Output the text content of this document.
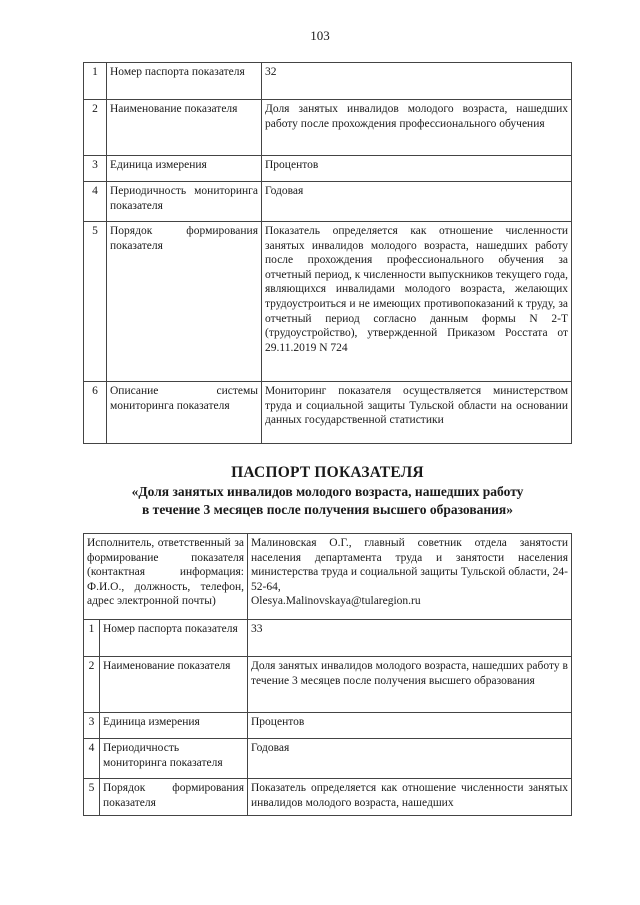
103
1	Номер паспорта показателя	32
2	Наименование показателя	Доля занятых инвалидов молодого возраста, нашедших работу после прохождения профессионального обучения
3	Единица измерения	Процентов
4	Периодичность мониторинга показателя	Годовая
5	Порядок формирования показателя	Показатель определяется как отношение численности занятых инвалидов молодого возраста, нашедших работу после прохождения профессионального обучения за отчетный период, к численности выпускников текущего года, являющихся инвалидами молодого возраста, желающих трудоустроиться и не имеющих противопоказаний к труду, за отчетный период согласно данным формы N 2-Т (трудоустройство), утвержденной Приказом Росстата от 29.11.2019 N 724
6	Описание системы мониторинга показателя	Мониторинг показателя осуществляется министерством труда и социальной защиты Тульской области на основании данных государственной статистики
ПАСПОРТ ПОКАЗАТЕЛЯ
«Доля занятых инвалидов молодого возраста, нашедших работу
в течение 3 месяцев после получения высшего образования»
Исполнитель, ответственный за формирование показателя (контактная информация: Ф.И.О., должность, телефон, адрес электронной почты)		Малиновская О.Г., главный советник отдела занятости населения департамента труда и занятости населения министерства труда и социальной защиты Тульской области, 24-52-64,
Olesya.Malinovskaya@tularegion.ru
1	Номер паспорта показателя	33
2	Наименование показателя	Доля занятых инвалидов молодого возраста, нашедших работу в течение 3 месяцев после получения высшего образования
3	Единица измерения	Процентов
4	Периодичность мониторинга показателя	Годовая
5	Порядок формирования показателя	Показатель определяется как отношение численности занятых инвалидов молодого возраста, нашедших
